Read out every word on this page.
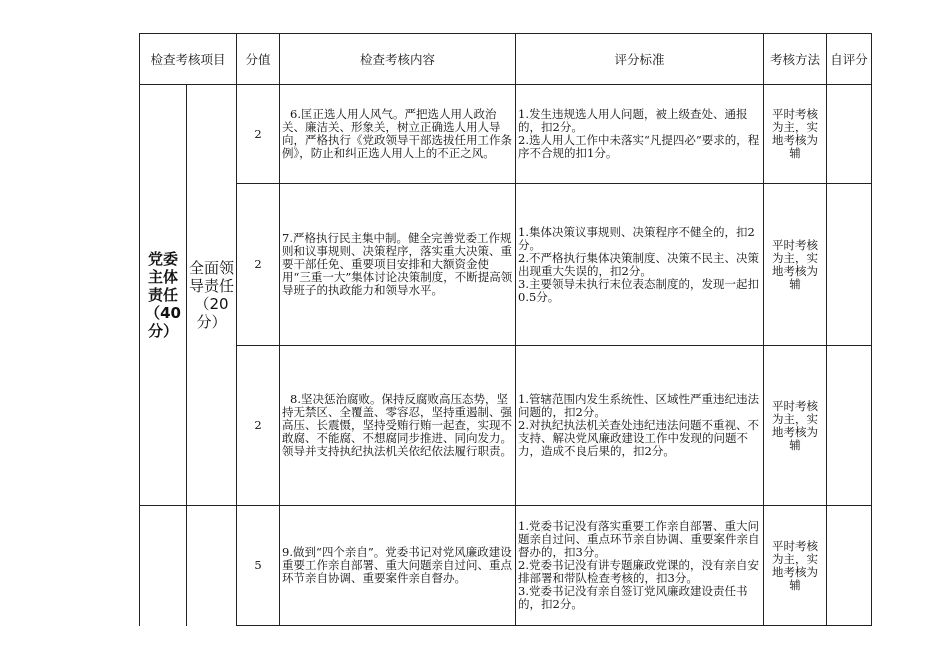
检查考核项目		分值	检查考核内容	评分标准	考核方法	自评分
党委主体责任（40分）	全面领导责任（20分）	2	6.匡正选人用人风气。严把选人用人政治关、廉洁关、形象关，树立正确选人用人导向，严格执行《党政领导干部选拔任用工作条例》，防止和纠正选人用人上的不正之风。	1.发生违规选人用人问题，被上级查处、通报的，扣2分。
2.选人用人工作中未落实“凡提四必”要求的，程序不合规的扣1分。	平时考核为主，实地考核为辅	
		2	7.严格执行民主集中制。健全完善党委工作规则和议事规则、决策程序，落实重大决策、重要干部任免、重要项目安排和大额资金使用“三重一大”集体讨论决策制度，不断提高领导班子的执政能力和领导水平。	1.集体决策议事规则、决策程序不健全的，扣2分。
2.不严格执行集体决策制度、决策不民主、决策出现重大失误的，扣2分。
3.主要领导未执行末位表态制度的，发现一起扣0.5分。	平时考核为主，实地考核为辅	
		2	8.坚决惩治腐败。保持反腐败高压态势，坚持无禁区、全覆盖、零容忍，坚持重遏制、强高压、长震慑，坚持受贿行贿一起查，实现不敢腐、不能腐、不想腐同步推进、同向发力。领导并支持执纪执法机关依纪依法履行职责。	1.管辖范围内发生系统性、区域性严重违纪违法问题的，扣2分。
2.对执纪执法机关查处违纪违法问题不重视、不支持、解决党风廉政建设工作中发现的问题不力，造成不良后果的，扣2分。	平时考核为主，实地考核为辅	
		5	9.做到“四个亲自”。党委书记对党风廉政建设重要工作亲自部署、重大问题亲自过问、重点环节亲自协调、重要案件亲自督办。	1.党委书记没有落实重要工作亲自部署、重大问题亲自过问、重点环节亲自协调、重要案件亲自督办的，扣3分。
2.党委书记没有讲专题廉政党课的，没有亲自安排部署和带队检查考核的，扣3分。
3.党委书记没有亲自签订党风廉政建设责任书的，扣2分。	平时考核为主，实地考核为辅	
